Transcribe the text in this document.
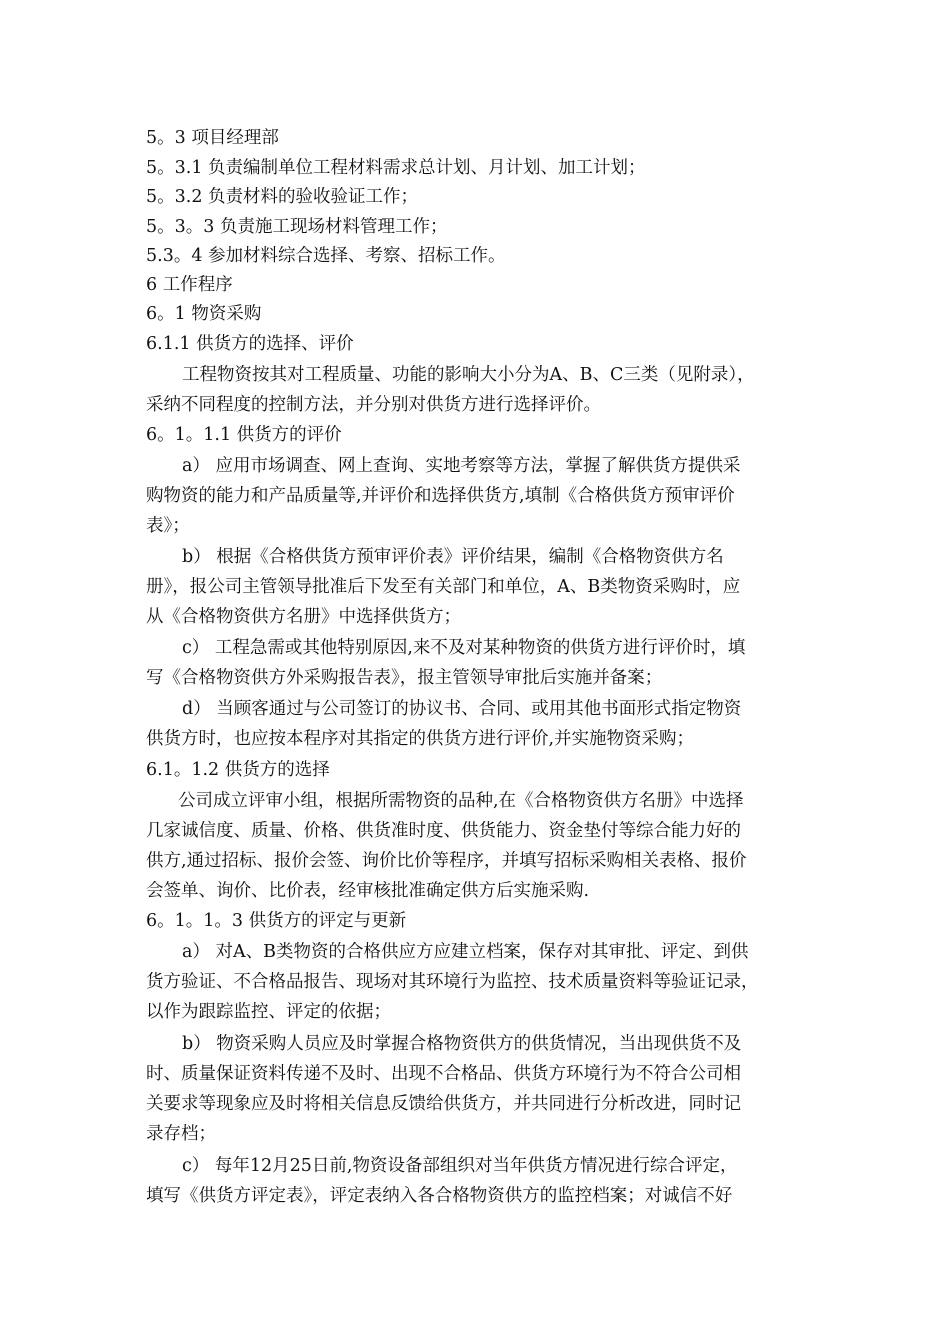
5。3 项目经理部
5。3.1 负责编制单位工程材料需求总计划、月计划、加工计划；
5。3.2 负责材料的验收验证工作；
5。3。3 负责施工现场材料管理工作；
5.3。4 参加材料综合选择、考察、招标工作。
6 工作程序
6。1 物资采购
6.1.1 供货方的选择、评价
工程物资按其对工程质量、功能的影响大小分为A、B、C三类（见附录），
采纳不同程度的控制方法，并分别对供货方进行选择评价。
6。1。1.1 供货方的评价
a） 应用市场调查、网上查询、实地考察等方法，掌握了解供货方提供采
购物资的能力和产品质量等,并评价和选择供货方,填制《合格供货方预审评价
表》；
b） 根据《合格供货方预审评价表》评价结果，编制《合格物资供方名
册》，报公司主管领导批准后下发至有关部门和单位，A、B类物资采购时，应
从《合格物资供方名册》中选择供货方；
c） 工程急需或其他特别原因,来不及对某种物资的供货方进行评价时，填
写《合格物资供方外采购报告表》，报主管领导审批后实施并备案；
d） 当顾客通过与公司签订的协议书、合同、或用其他书面形式指定物资
供货方时，也应按本程序对其指定的供货方进行评价,并实施物资采购；
6.1。1.2 供货方的选择
公司成立评审小组，根据所需物资的品种,在《合格物资供方名册》中选择
几家诚信度、质量、价格、供货准时度、供货能力、资金垫付等综合能力好的
供方,通过招标、报价会签、询价比价等程序，并填写招标采购相关表格、报价
会签单、询价、比价表，经审核批准确定供方后实施采购.
6。1。1。3 供货方的评定与更新
a） 对A、B类物资的合格供应方应建立档案，保存对其审批、评定、到供
货方验证、不合格品报告、现场对其环境行为监控、技术质量资料等验证记录，
以作为跟踪监控、评定的依据；
b） 物资采购人员应及时掌握合格物资供方的供货情况，当出现供货不及
时、质量保证资料传递不及时、出现不合格品、供货方环境行为不符合公司相
关要求等现象应及时将相关信息反馈给供货方，并共同进行分析改进，同时记
录存档；
c） 每年12月25日前,物资设备部组织对当年供货方情况进行综合评定，
填写《供货方评定表》，评定表纳入各合格物资供方的监控档案；对诚信不好
